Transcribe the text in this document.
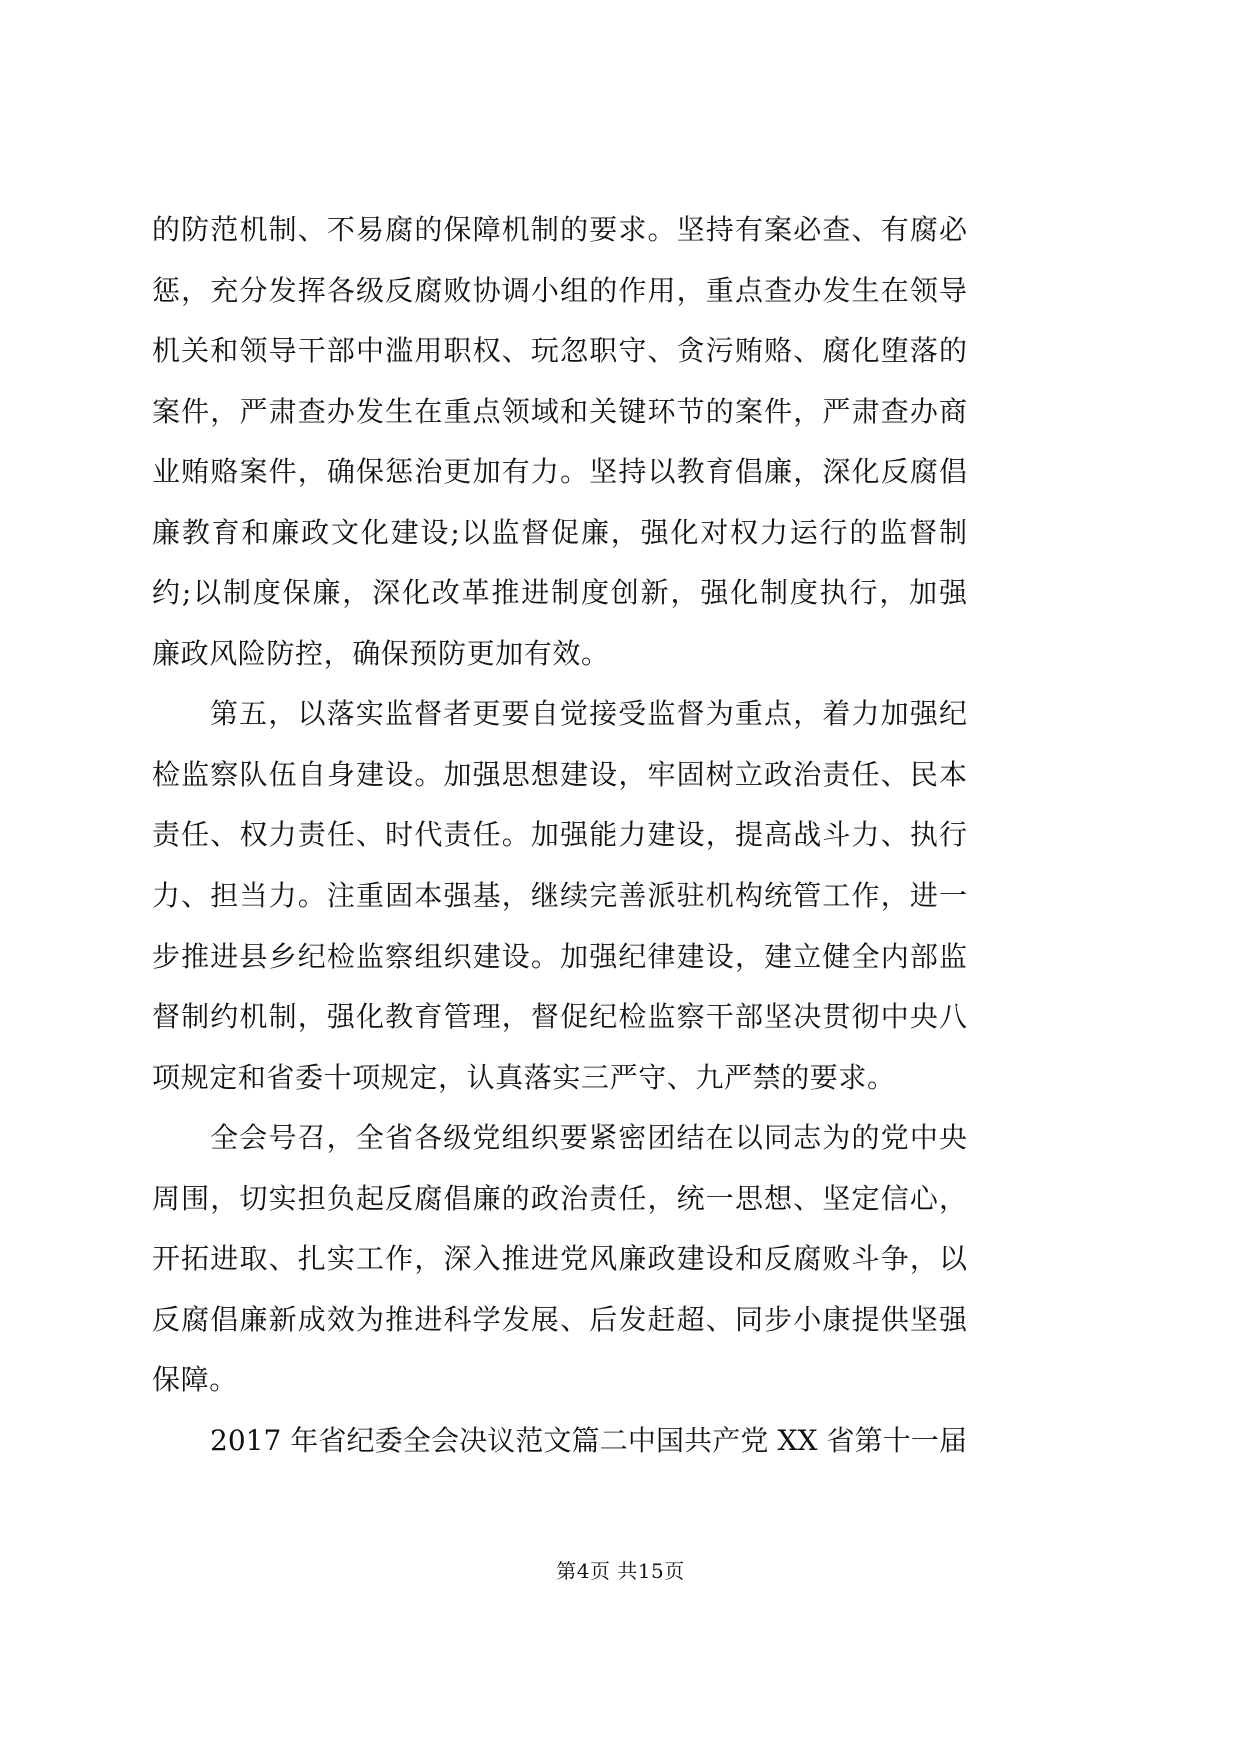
的防范机制、不易腐的保障机制的要求。坚持有案必查、有腐必
惩，充分发挥各级反腐败协调小组的作用，重点查办发生在领导
机关和领导干部中滥用职权、玩忽职守、贪污贿赂、腐化堕落的
案件，严肃查办发生在重点领域和关键环节的案件，严肃查办商
业贿赂案件，确保惩治更加有力。坚持以教育倡廉，深化反腐倡
廉教育和廉政文化建设;以监督促廉，强化对权力运行的监督制
约;以制度保廉，深化改革推进制度创新，强化制度执行，加强
廉政风险防控，确保预防更加有效。
第五，以落实监督者更要自觉接受监督为重点，着力加强纪
检监察队伍自身建设。加强思想建设，牢固树立政治责任、民本
责任、权力责任、时代责任。加强能力建设，提高战斗力、执行
力、担当力。注重固本强基，继续完善派驻机构统管工作，进一
步推进县乡纪检监察组织建设。加强纪律建设，建立健全内部监
督制约机制，强化教育管理，督促纪检监察干部坚决贯彻中央八
项规定和省委十项规定，认真落实三严守、九严禁的要求。
全会号召，全省各级党组织要紧密团结在以同志为的党中央
周围，切实担负起反腐倡廉的政治责任，统一思想、坚定信心，
开拓进取、扎实工作，深入推进党风廉政建设和反腐败斗争，以
反腐倡廉新成效为推进科学发展、后发赶超、同步小康提供坚强
保障。
2017 年省纪委全会决议范文篇二中国共产党 XX 省第十一届
第4页 共15页
